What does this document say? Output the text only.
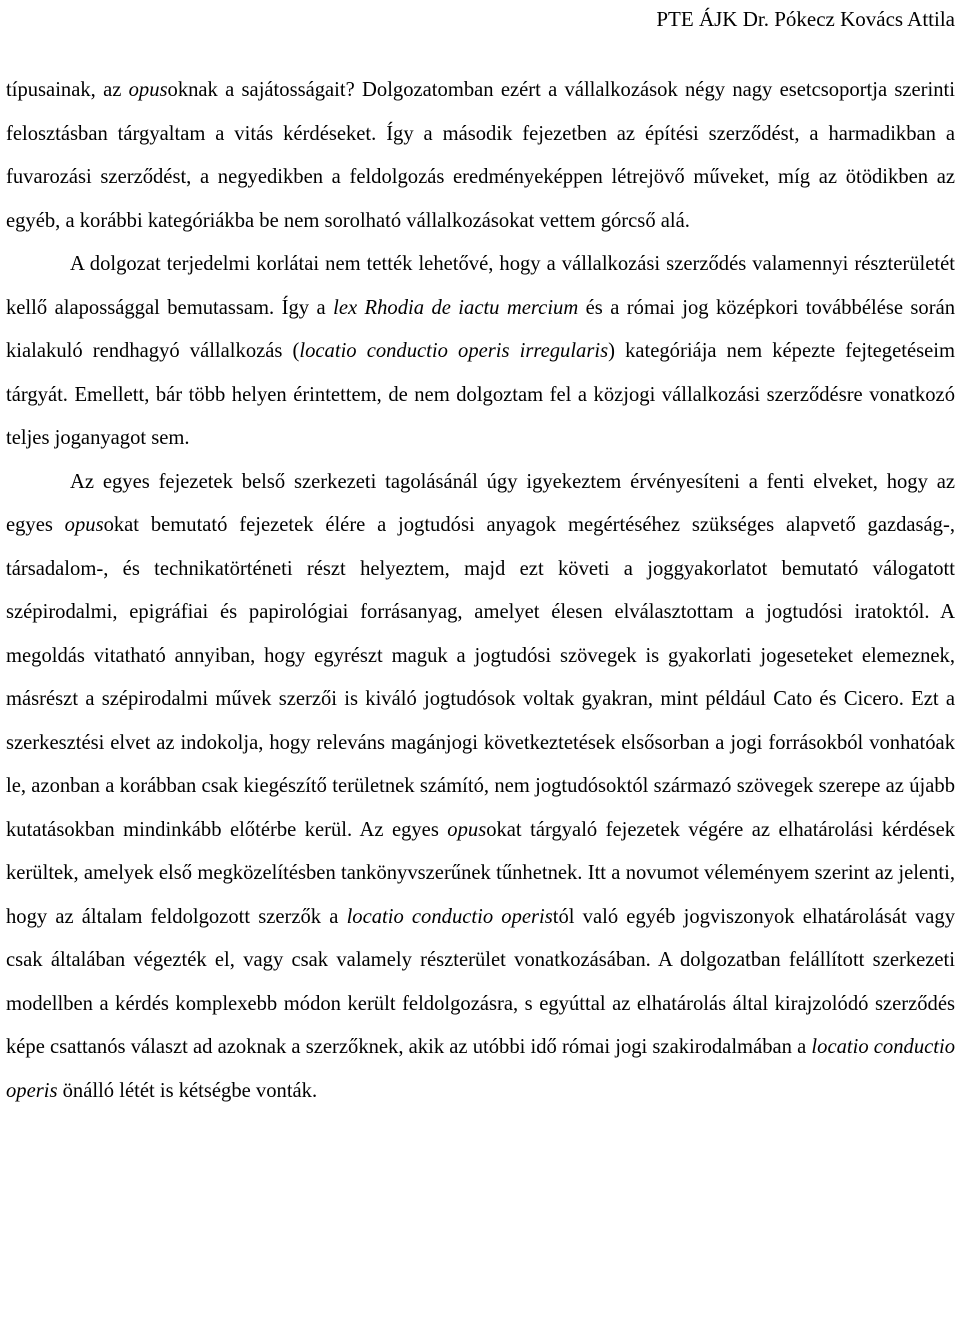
PTE ÁJK Dr. Pókecz Kovács Attila

típusainak, az opusoknak a sajátosságait? Dolgozatomban ezért a vállalkozások négy nagy esetcsoportja szerinti felosztásban tárgyaltam a vitás kérdéseket. Így a második fejezetben az építési szerződést, a harmadikban a fuvarozási szerződést, a negyedikben a feldolgozás eredményeképpen létrejövő műveket, míg az ötödikben az egyéb, a korábbi kategóriákba be nem sorolható vállalkozásokat vettem górcső alá.

A dolgozat terjedelmi korlátai nem tették lehetővé, hogy a vállalkozási szerződés valamennyi részterületét kellő alapossággal bemutassam. Így a lex Rhodia de iactu mercium és a római jog középkori továbbélése során kialakuló rendhagyó vállalkozás (locatio conductio operis irregularis) kategóriája nem képezte fejtegetéseim tárgyát. Emellett, bár több helyen érintettem, de nem dolgoztam fel a közjogi vállalkozási szerződésre vonatkozó teljes joganyagot sem.

Az egyes fejezetek belső szerkezeti tagolásánál úgy igyekeztem érvényesíteni a fenti elveket, hogy az egyes opusokat bemutató fejezetek élére a jogtudósi anyagok megértéséhez szükséges alapvető gazdaság-, társadalom-, és technikatörténeti részt helyeztem, majd ezt követi a joggyakorlatot bemutató válogatott szépirodalmi, epigráfiai és papirológiai forrásanyag, amelyet élesen elválasztottam a jogtudósi iratoktól. A megoldás vitatható annyiban, hogy egyrészt maguk a jogtudósi szövegek is gyakorlati jogeseteket elemeznek, másrészt a szépirodalmi művek szerzői is kiváló jogtudósok voltak gyakran, mint például Cato és Cicero. Ezt a szerkesztési elvet az indokolja, hogy releváns magánjogi következtetések elsősorban a jogi forrásokból vonhatóak le, azonban a korábban csak kiegészítő területnek számító, nem jogtudósoktól származó szövegek szerepe az újabb kutatásokban mindinkább előtérbe kerül. Az egyes opusokat tárgyaló fejezetek végére az elhatárolási kérdések kerültek, amelyek első megközelítésben tankönyvszerűnek tűnhetnek. Itt a novumot véleményem szerint az jelenti, hogy az általam feldolgozott szerzők a locatio conductio operistól való egyéb jogviszonyok elhatárolását vagy csak általában végezték el, vagy csak valamely részterület vonatkozásában. A dolgozatban felállított szerkezeti modellben a kérdés komplexebb módon került feldolgozásra, s egyúttal az elhatárolás által kirajzolódó szerződés képe csattanós választ ad azoknak a szerzőknek, akik az utóbbi idő római jogi szakirodalmában a locatio conductio operis önálló létét is kétségbe vonták.
